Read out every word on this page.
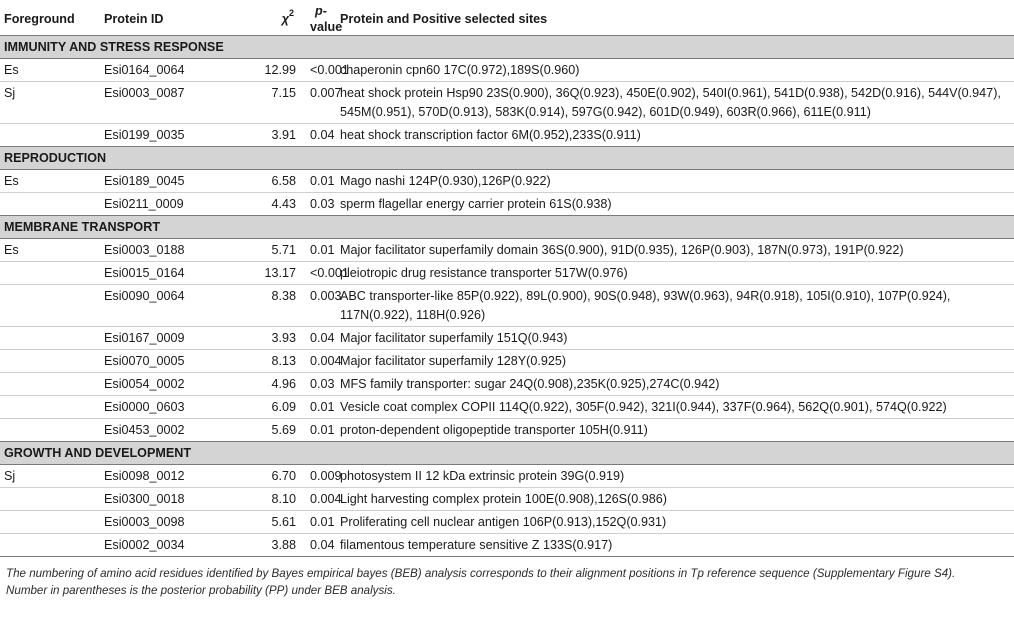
Foreground	Protein ID	$\chi^2$	p-value	Protein and Positive selected sites
IMMUNITY AND STRESS RESPONSE				
Es	Esi0164_0064	12.99	<0.001	chaperonin cpn60 17C(0.972),189S(0.960)
Sj	Esi0003_0087	7.15	0.007	heat shock protein Hsp90 23S(0.900), 36Q(0.923), 450E(0.902), 540I(0.961), 541D(0.938), 542D(0.916), 544V(0.947), 545M(0.951), 570D(0.913), 583K(0.914), 597G(0.942), 601D(0.949), 603R(0.966), 611E(0.911)
	Esi0199_0035	3.91	0.04	heat shock transcription factor 6M(0.952),233S(0.911)
REPRODUCTION				
Es	Esi0189_0045	6.58	0.01	Mago nashi 124P(0.930),126P(0.922)
	Esi0211_0009	4.43	0.03	sperm flagellar energy carrier protein 61S(0.938)
MEMBRANE TRANSPORT				
Es	Esi0003_0188	5.71	0.01	Major facilitator superfamily domain 36S(0.900), 91D(0.935), 126P(0.903), 187N(0.973), 191P(0.922)
	Esi0015_0164	13.17	<0.001	pleiotropic drug resistance transporter 517W(0.976)
	Esi0090_0064	8.38	0.003	ABC transporter-like 85P(0.922), 89L(0.900), 90S(0.948), 93W(0.963), 94R(0.918), 105I(0.910), 107P(0.924), 117N(0.922), 118H(0.926)
	Esi0167_0009	3.93	0.04	Major facilitator superfamily 151Q(0.943)
	Esi0070_0005	8.13	0.004	Major facilitator superfamily 128Y(0.925)
	Esi0054_0002	4.96	0.03	MFS family transporter: sugar 24Q(0.908),235K(0.925),274C(0.942)
	Esi0000_0603	6.09	0.01	Vesicle coat complex COPII 114Q(0.922), 305F(0.942), 321I(0.944), 337F(0.964), 562Q(0.901), 574Q(0.922)
	Esi0453_0002	5.69	0.01	proton-dependent oligopeptide transporter 105H(0.911)
GROWTH AND DEVELOPMENT				
Sj	Esi0098_0012	6.70	0.009	photosystem II 12 kDa extrinsic protein 39G(0.919)
	Esi0300_0018	8.10	0.004	Light harvesting complex protein 100E(0.908),126S(0.986)
	Esi0003_0098	5.61	0.01	Proliferating cell nuclear antigen 106P(0.913),152Q(0.931)
	Esi0002_0034	3.88	0.04	filamentous temperature sensitive Z 133S(0.917)
The numbering of amino acid residues identified by Bayes empirical bayes (BEB) analysis corresponds to their alignment positions in Tp reference sequence (Supplementary Figure S4).
Number in parentheses is the posterior probability (PP) under BEB analysis.
